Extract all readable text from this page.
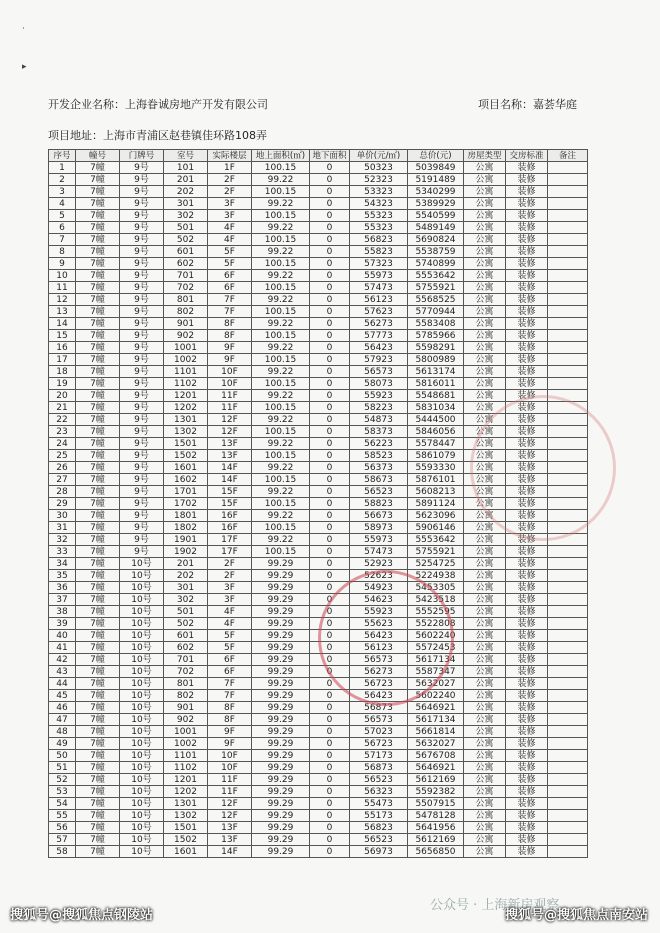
·
▸
开发企业名称：上海眷诚房地产开发有限公司	项目名称：嘉荟华庭
项目地址：上海市青浦区赵巷镇佳环路108弄
序号	幢号	门牌号	室号	实际楼层	地上面积(㎡)	地下面积	单价(元/㎡)	总价(元)	房屋类型	交房标准	备注
1	7幢	9号	101	1F	100.15	0	50323	5039849	公寓	装修	
2	7幢	9号	201	2F	99.22	0	52323	5191489	公寓	装修	
3	7幢	9号	202	2F	100.15	0	53323	5340299	公寓	装修	
4	7幢	9号	301	3F	99.22	0	54323	5389929	公寓	装修	
5	7幢	9号	302	3F	100.15	0	55323	5540599	公寓	装修	
6	7幢	9号	501	4F	99.22	0	55323	5489149	公寓	装修	
7	7幢	9号	502	4F	100.15	0	56823	5690824	公寓	装修	
8	7幢	9号	601	5F	99.22	0	55823	5538759	公寓	装修	
9	7幢	9号	602	5F	100.15	0	57323	5740899	公寓	装修	
10	7幢	9号	701	6F	99.22	0	55973	5553642	公寓	装修	
11	7幢	9号	702	6F	100.15	0	57473	5755921	公寓	装修	
12	7幢	9号	801	7F	99.22	0	56123	5568525	公寓	装修	
13	7幢	9号	802	7F	100.15	0	57623	5770944	公寓	装修	
14	7幢	9号	901	8F	99.22	0	56273	5583408	公寓	装修	
15	7幢	9号	902	8F	100.15	0	57773	5785966	公寓	装修	
16	7幢	9号	1001	9F	99.22	0	56423	5598291	公寓	装修	
17	7幢	9号	1002	9F	100.15	0	57923	5800989	公寓	装修	
18	7幢	9号	1101	10F	99.22	0	56573	5613174	公寓	装修	
19	7幢	9号	1102	10F	100.15	0	58073	5816011	公寓	装修	
20	7幢	9号	1201	11F	99.22	0	55923	5548681	公寓	装修	
21	7幢	9号	1202	11F	100.15	0	58223	5831034	公寓	装修	
22	7幢	9号	1301	12F	99.22	0	54873	5444500	公寓	装修	
23	7幢	9号	1302	12F	100.15	0	58373	5846056	公寓	装修	
24	7幢	9号	1501	13F	99.22	0	56223	5578447	公寓	装修	
25	7幢	9号	1502	13F	100.15	0	58523	5861079	公寓	装修	
26	7幢	9号	1601	14F	99.22	0	56373	5593330	公寓	装修	
27	7幢	9号	1602	14F	100.15	0	58673	5876101	公寓	装修	
28	7幢	9号	1701	15F	99.22	0	56523	5608213	公寓	装修	
29	7幢	9号	1702	15F	100.15	0	58823	5891124	公寓	装修	
30	7幢	9号	1801	16F	99.22	0	56673	5623096	公寓	装修	
31	7幢	9号	1802	16F	100.15	0	58973	5906146	公寓	装修	
32	7幢	9号	1901	17F	99.22	0	55973	5553642	公寓	装修	
33	7幢	9号	1902	17F	100.15	0	57473	5755921	公寓	装修	
34	7幢	10号	201	2F	99.29	0	52923	5254725	公寓	装修	
35	7幢	10号	202	2F	99.29	0	52623	5224938	公寓	装修	
36	7幢	10号	301	3F	99.29	0	54923	5453305	公寓	装修	
37	7幢	10号	302	3F	99.29	0	54623	5423518	公寓	装修	
38	7幢	10号	501	4F	99.29	0	55923	5552595	公寓	装修	
39	7幢	10号	502	4F	99.29	0	55623	5522808	公寓	装修	
40	7幢	10号	601	5F	99.29	0	56423	5602240	公寓	装修	
41	7幢	10号	602	5F	99.29	0	56123	5572453	公寓	装修	
42	7幢	10号	701	6F	99.29	0	56573	5617134	公寓	装修	
43	7幢	10号	702	6F	99.29	0	56273	5587347	公寓	装修	
44	7幢	10号	801	7F	99.29	0	56723	5632027	公寓	装修	
45	7幢	10号	802	7F	99.29	0	56423	5602240	公寓	装修	
46	7幢	10号	901	8F	99.29	0	56873	5646921	公寓	装修	
47	7幢	10号	902	8F	99.29	0	56573	5617134	公寓	装修	
48	7幢	10号	1001	9F	99.29	0	57023	5661814	公寓	装修	
49	7幢	10号	1002	9F	99.29	0	56723	5632027	公寓	装修	
50	7幢	10号	1101	10F	99.29	0	57173	5676708	公寓	装修	
51	7幢	10号	1102	10F	99.29	0	56873	5646921	公寓	装修	
52	7幢	10号	1201	11F	99.29	0	56523	5612169	公寓	装修	
53	7幢	10号	1202	11F	99.29	0	56323	5592382	公寓	装修	
54	7幢	10号	1301	12F	99.29	0	55473	5507915	公寓	装修	
55	7幢	10号	1302	12F	99.29	0	55173	5478128	公寓	装修	
56	7幢	10号	1501	13F	99.29	0	56823	5641956	公寓	装修	
57	7幢	10号	1502	13F	99.29	0	56523	5612169	公寓	装修	
58	7幢	10号	1601	14F	99.29	0	56973	5656850	公寓	装修	
公众号 · 上海新房观察
搜狐号@搜狐焦点钢陵站	搜狐号@搜狐焦点南安站
